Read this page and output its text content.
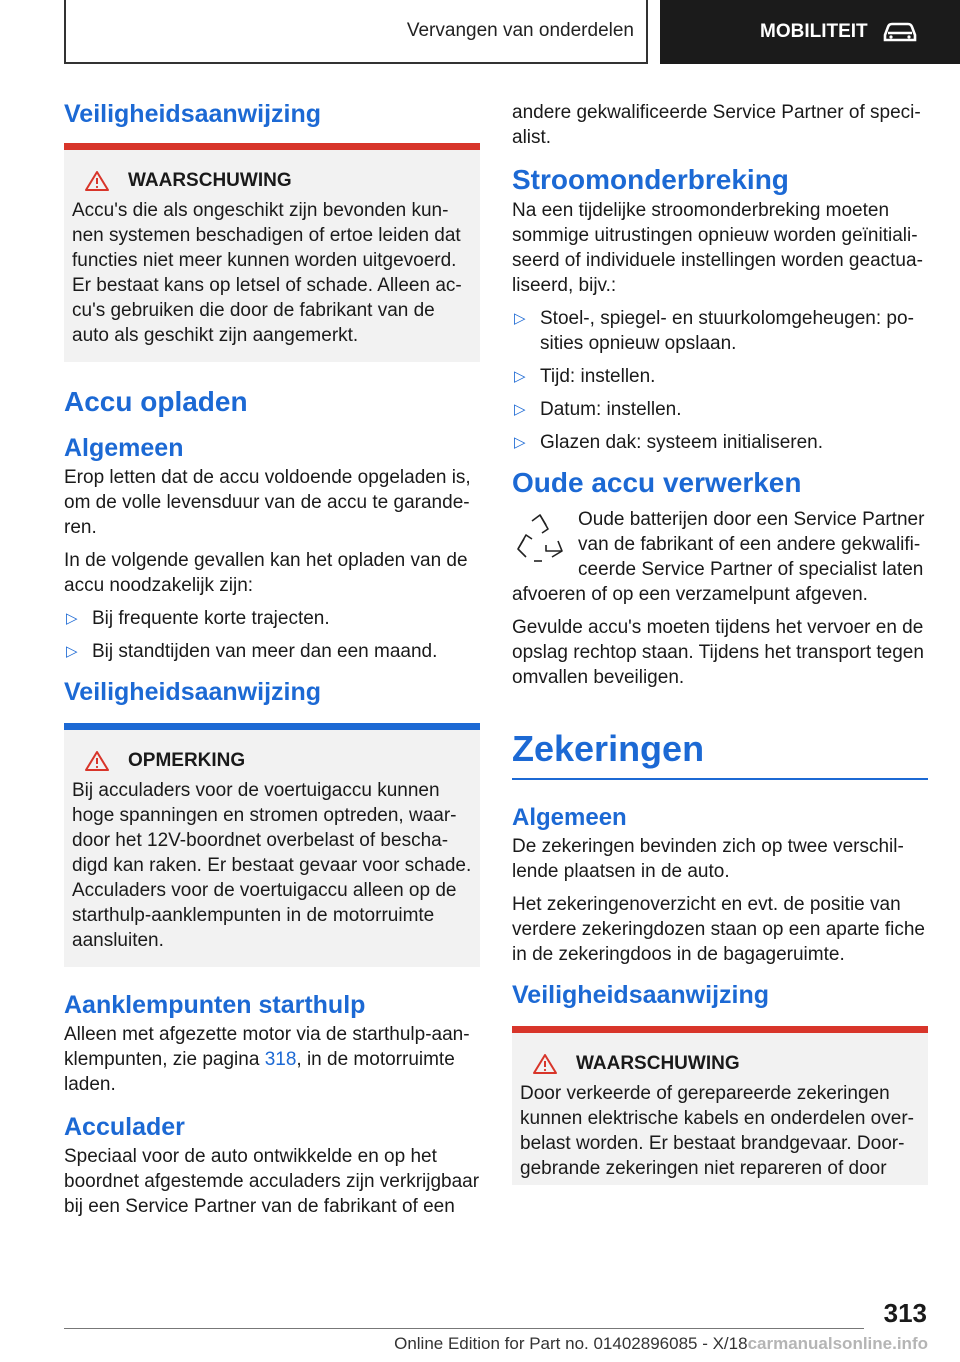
Vervangen van onderdelen	MOBILITEIT
Veiligheidsaanwijzing
WAARSCHUWING

Accu's die als ongeschikt zijn bevonden kunnen systemen beschadigen of ertoe leiden dat functies niet meer kunnen worden uitgevoerd. Er bestaat kans op letsel of schade. Alleen accu's gebruiken die door de fabrikant van de auto als geschikt zijn aangemerkt.

Accu opladen
Algemeen

Erop letten dat de accu voldoende opgeladen is, om de volle levensduur van de accu te garanderen.

In de volgende gevallen kan het opladen van de accu noodzakelijk zijn:

▷ Bij frequente korte trajecten.
▷ Bij standtijden van meer dan een maand.
Veiligheidsaanwijzing
OPMERKING

Bij acculaders voor de voertuigaccu kunnen hoge spanningen en stromen optreden, waardoor het 12V-boordnet overbelast of beschadigd kan raken. Er bestaat gevaar voor schade. Acculaders voor de voertuigaccu alleen op de starthulp-aanklempunten in de motorruimte aansluiten.

Aanklempunten starthulp

Alleen met afgezette motor via de starthulp-aanklempunten, zie pagina 318, in de motorruimte laden.

Acculader

Speciaal voor de auto ontwikkelde en op het boordnet afgestemde acculaders zijn verkrijgbaar bij een Service Partner van de fabrikant of een

andere gekwalificeerde Service Partner of specialist.

Stroomonderbreking

Na een tijdelijke stroomonderbreking moeten sommige uitrustingen opnieuw worden geïnitialiseerd of individuele instellingen worden geactualiseerd, bijv.:

▷ Stoel-, spiegel- en stuurkolomgeheugen: posities opnieuw opslaan.
▷ Tijd: instellen.
▷ Datum: instellen.
▷ Glazen dak: systeem initialiseren.
Oude accu verwerken

Oude batterijen door een Service Partner van de fabrikant of een andere gekwalificeerde Service Partner of specialist laten afvoeren of op een verzamelpunt afgeven.

Gevulde accu's moeten tijdens het vervoer en de opslag rechtop staan. Tijdens het transport tegen omvallen beveiligen.

Zekeringen
Algemeen

De zekeringen bevinden zich op twee verschillende plaatsen in de auto.

Het zekeringenoverzicht en evt. de positie van verdere zekeringdozen staan op een aparte fiche in de zekeringdoos in de bagageruimte.

Veiligheidsaanwijzing
WAARSCHUWING

Door verkeerde of gerepareerde zekeringen kunnen elektrische kabels en onderdelen overbelast worden. Er bestaat brandgevaar. Doorgebrande zekeringen niet repareren of door

313
Online Edition for Part no. 01402896085 - X/18carmanualsonline.info
